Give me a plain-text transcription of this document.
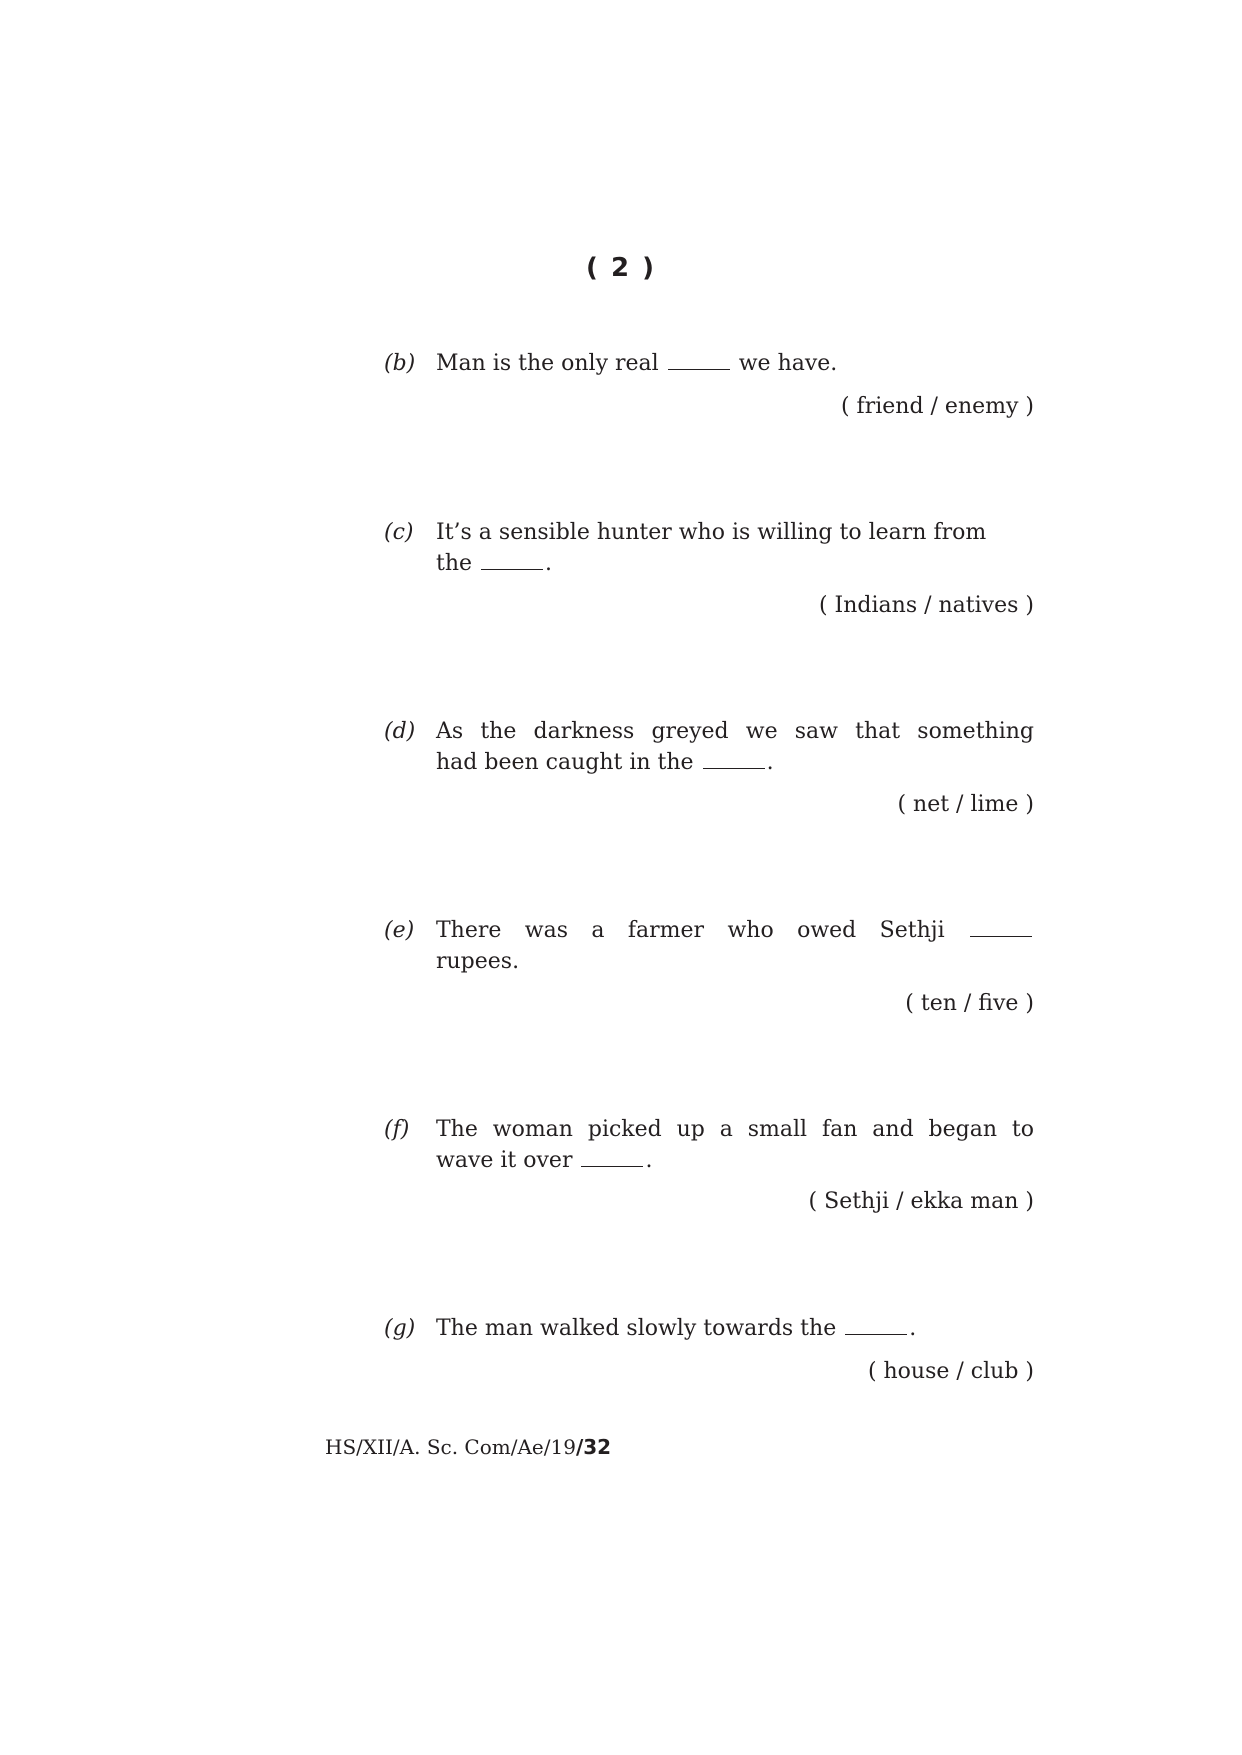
( 2 )
(b) Man is the only real	we have.
( friend / enemy )
(c) It’s a sensible hunter who is willing to learn from
the	.
( Indians / natives )
(d) As the darkness greyed we saw that something
had been caught in the	.
( net / lime )
(e) There was a farmer who owed Sethji
rupees.
( ten / five )
(f) The woman picked up a small fan and began to
wave it over	.
( Sethji / ekka man )
(g) The man walked slowly towards the	.
( house / club )
HS/XII/A. Sc. Com/Ae/19/32
